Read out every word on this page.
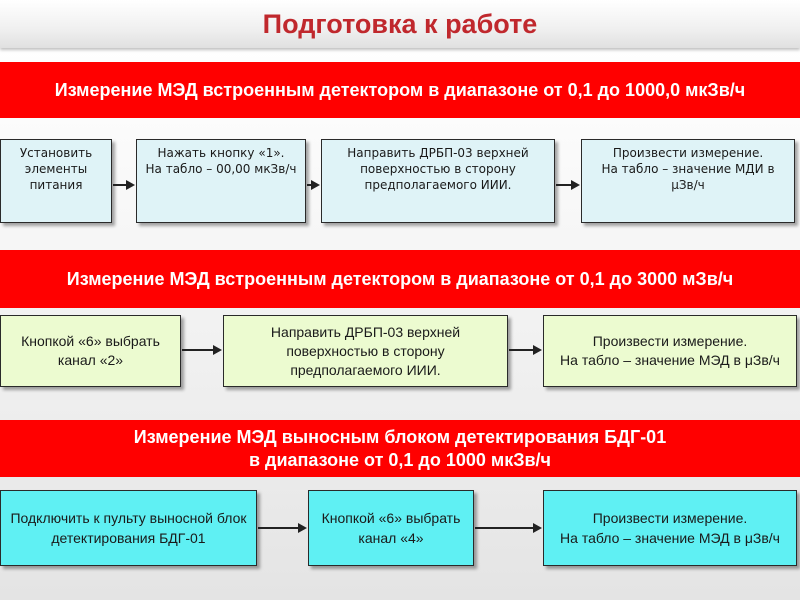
Подготовка к работе
Измерение МЭД встроенным детектором в диапазоне от 0,1 до 1000,0 мкЗв/ч
Установить элементы питания
Нажать кнопку «1».
На табло – 00,00 мкЗв/ч
Направить ДРБП-03 верхней поверхностью в сторону предполагаемого ИИИ.
Произвести измерение.
На табло – значение МДИ в μЗв/ч
Измерение МЭД встроенным детектором в диапазоне от 0,1 до 3000 мЗв/ч
Кнопкой «6» выбрать канал «2»
Направить ДРБП-03 верхней поверхностью в сторону предполагаемого ИИИ.
Произвести измерение.
На табло – значение МЭД в μЗв/ч
Измерение МЭД выносным блоком детектирования БДГ-01
в диапазоне от 0,1 до 1000 мкЗв/ч
Подключить к пульту выносной блок детектирования БДГ-01
Кнопкой «6» выбрать канал «4»
Произвести измерение.
На табло – значение МЭД в μЗв/ч
